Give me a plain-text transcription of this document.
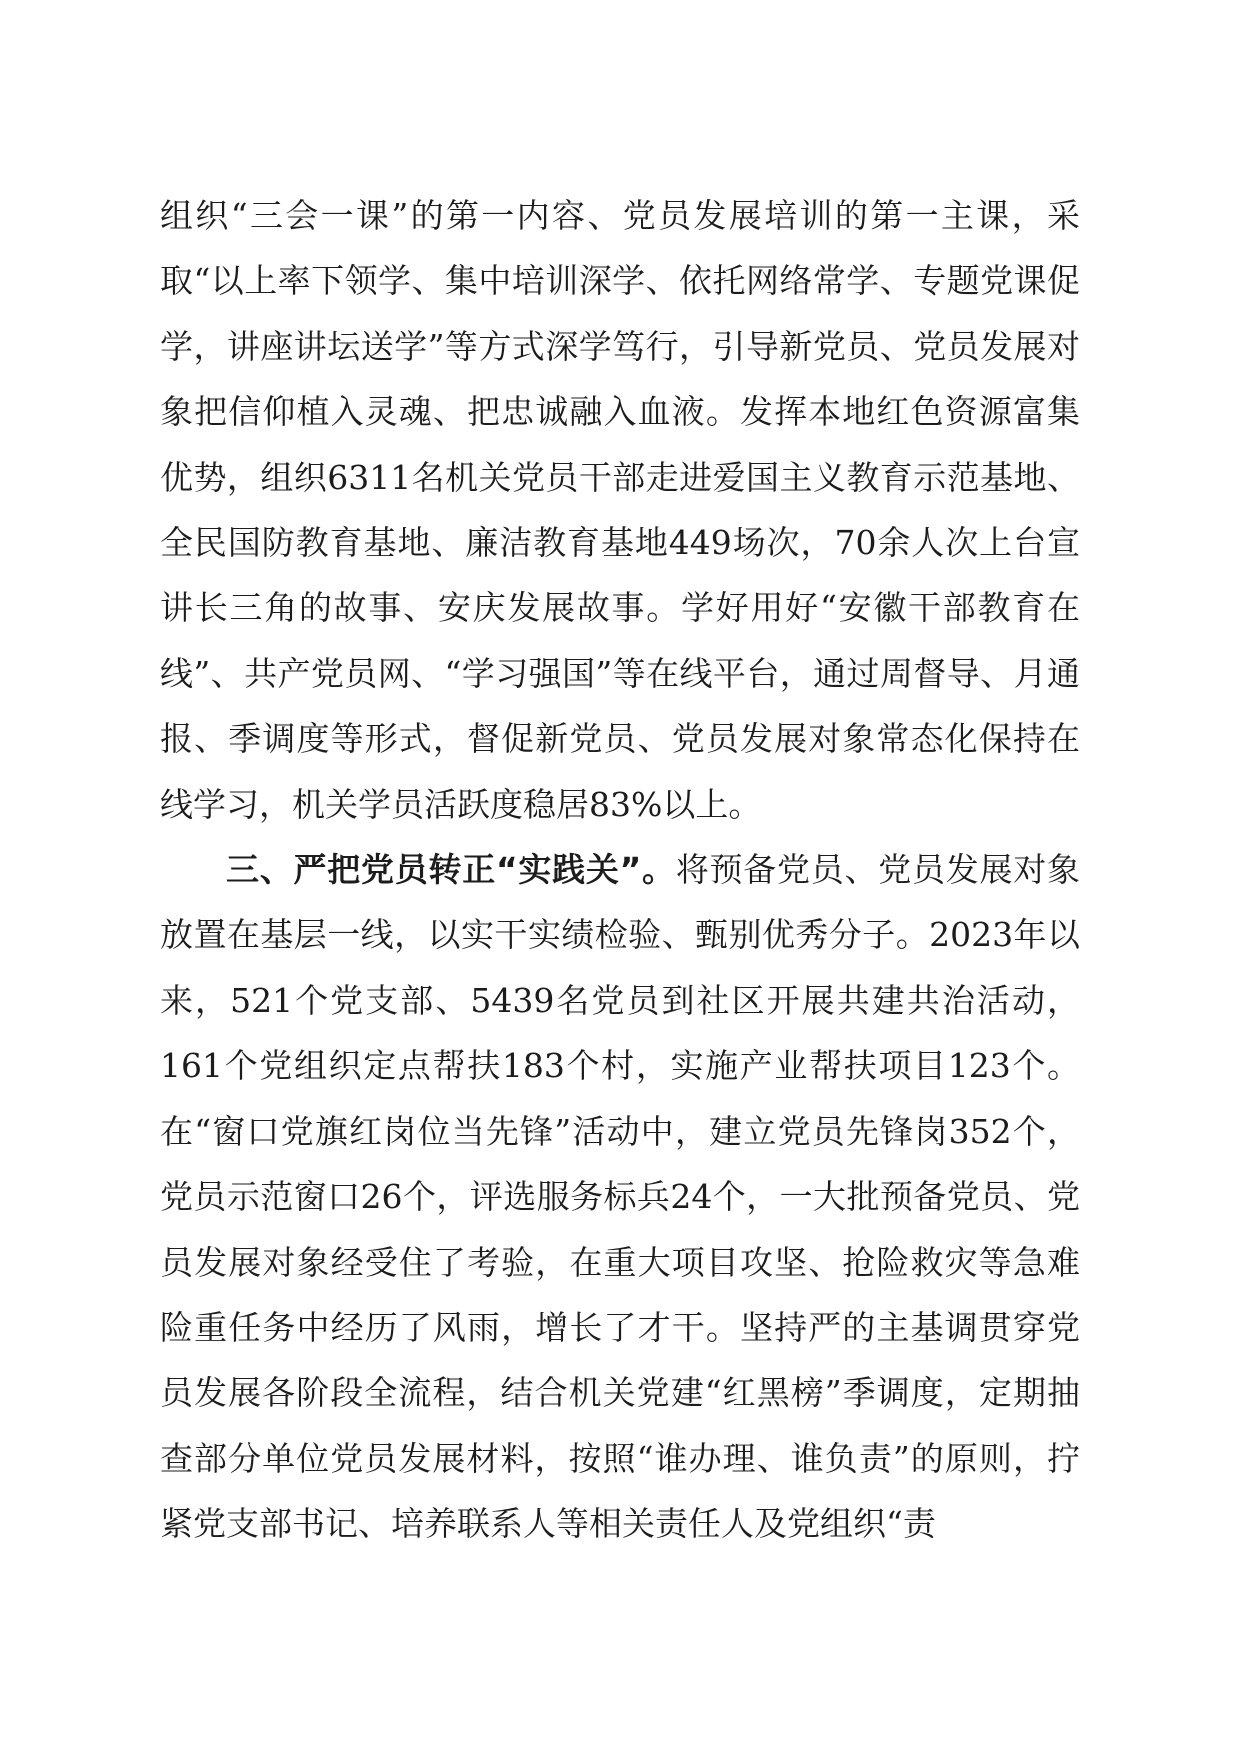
组织“三会一课”的第一内容、党员发展培训的第一主课，采取“以上率下领学、集中培训深学、依托网络常学、专题党课促学，讲座讲坛送学”等方式深学笃行，引导新党员、党员发展对象把信仰植入灵魂、把忠诚融入血液。发挥本地红色资源富集优势，组织6311名机关党员干部走进爱国主义教育示范基地、全民国防教育基地、廉洁教育基地449场次，70余人次上台宣讲长三角的故事、安庆发展故事。学好用好“安徽干部教育在线”、共产党员网、“学习强国”等在线平台，通过周督导、月通报、季调度等形式，督促新党员、党员发展对象常态化保持在线学习，机关学员活跃度稳居83%以上。

三、严把党员转正“实践关”。将预备党员、党员发展对象放置在基层一线，以实干实绩检验、甄别优秀分子。2023年以来，521个党支部、5439名党员到社区开展共建共治活动，161个党组织定点帮扶183个村，实施产业帮扶项目123个。在“窗口党旗红岗位当先锋”活动中，建立党员先锋岗352个，党员示范窗口26个，评选服务标兵24个，一大批预备党员、党员发展对象经受住了考验，在重大项目攻坚、抢险救灾等急难险重任务中经历了风雨，增长了才干。坚持严的主基调贯穿党员发展各阶段全流程，结合机关党建“红黑榜”季调度，定期抽查部分单位党员发展材料，按照“谁办理、谁负责”的原则，拧紧党支部书记、培养联系人等相关责任人及党组织“责
